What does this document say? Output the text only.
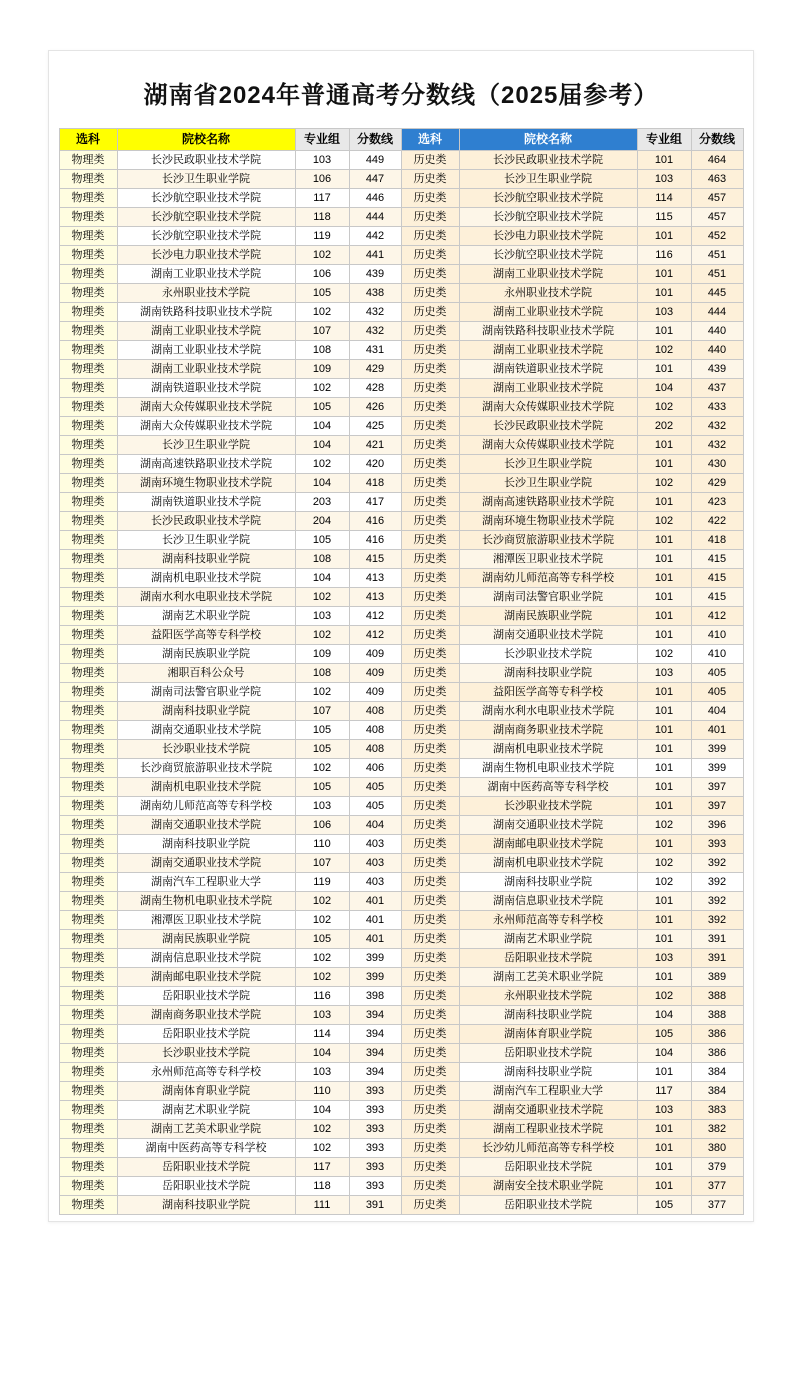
湖南省2024年普通高考分数线（2025届参考）
选科	院校名称	专业组	分数线	选科	院校名称	专业组	分数线
物理类	长沙民政职业技术学院	103	449	历史类	长沙民政职业技术学院	101	464
物理类	长沙卫生职业学院	106	447	历史类	长沙卫生职业学院	103	463
物理类	长沙航空职业技术学院	117	446	历史类	长沙航空职业技术学院	114	457
物理类	长沙航空职业技术学院	118	444	历史类	长沙航空职业技术学院	115	457
物理类	长沙航空职业技术学院	119	442	历史类	长沙电力职业技术学院	101	452
物理类	长沙电力职业技术学院	102	441	历史类	长沙航空职业技术学院	116	451
物理类	湖南工业职业技术学院	106	439	历史类	湖南工业职业技术学院	101	451
物理类	永州职业技术学院	105	438	历史类	永州职业技术学院	101	445
物理类	湖南铁路科技职业技术学院	102	432	历史类	湖南工业职业技术学院	103	444
物理类	湖南工业职业技术学院	107	432	历史类	湖南铁路科技职业技术学院	101	440
物理类	湖南工业职业技术学院	108	431	历史类	湖南工业职业技术学院	102	440
物理类	湖南工业职业技术学院	109	429	历史类	湖南铁道职业技术学院	101	439
物理类	湖南铁道职业技术学院	102	428	历史类	湖南工业职业技术学院	104	437
物理类	湖南大众传媒职业技术学院	105	426	历史类	湖南大众传媒职业技术学院	102	433
物理类	湖南大众传媒职业技术学院	104	425	历史类	长沙民政职业技术学院	202	432
物理类	长沙卫生职业学院	104	421	历史类	湖南大众传媒职业技术学院	101	432
物理类	湖南高速铁路职业技术学院	102	420	历史类	长沙卫生职业学院	101	430
物理类	湖南环境生物职业技术学院	104	418	历史类	长沙卫生职业学院	102	429
物理类	湖南铁道职业技术学院	203	417	历史类	湖南高速铁路职业技术学院	101	423
物理类	长沙民政职业技术学院	204	416	历史类	湖南环境生物职业技术学院	102	422
物理类	长沙卫生职业学院	105	416	历史类	长沙商贸旅游职业技术学院	101	418
物理类	湖南科技职业学院	108	415	历史类	湘潭医卫职业技术学院	101	415
物理类	湖南机电职业技术学院	104	413	历史类	湖南幼儿师范高等专科学校	101	415
物理类	湖南水利水电职业技术学院	102	413	历史类	湖南司法警官职业学院	101	415
物理类	湖南艺术职业学院	103	412	历史类	湖南民族职业学院	101	412
物理类	益阳医学高等专科学校	102	412	历史类	湖南交通职业技术学院	101	410
物理类	湖南民族职业学院	109	409	历史类	长沙职业技术学院	102	410
物理类	湘职百科公众号	108	409	历史类	湖南科技职业学院	103	405
物理类	湖南司法警官职业学院	102	409	历史类	益阳医学高等专科学校	101	405
物理类	湖南科技职业学院	107	408	历史类	湖南水利水电职业技术学院	101	404
物理类	湖南交通职业技术学院	105	408	历史类	湖南商务职业技术学院	101	401
物理类	长沙职业技术学院	105	408	历史类	湖南机电职业技术学院	101	399
物理类	长沙商贸旅游职业技术学院	102	406	历史类	湖南生物机电职业技术学院	101	399
物理类	湖南机电职业技术学院	105	405	历史类	湖南中医药高等专科学校	101	397
物理类	湖南幼儿师范高等专科学校	103	405	历史类	长沙职业技术学院	101	397
物理类	湖南交通职业技术学院	106	404	历史类	湖南交通职业技术学院	102	396
物理类	湖南科技职业学院	110	403	历史类	湖南邮电职业技术学院	101	393
物理类	湖南交通职业技术学院	107	403	历史类	湖南机电职业技术学院	102	392
物理类	湖南汽车工程职业大学	119	403	历史类	湖南科技职业学院	102	392
物理类	湖南生物机电职业技术学院	102	401	历史类	湖南信息职业技术学院	101	392
物理类	湘潭医卫职业技术学院	102	401	历史类	永州师范高等专科学校	101	392
物理类	湖南民族职业学院	105	401	历史类	湖南艺术职业学院	101	391
物理类	湖南信息职业技术学院	102	399	历史类	岳阳职业技术学院	103	391
物理类	湖南邮电职业技术学院	102	399	历史类	湖南工艺美术职业学院	101	389
物理类	岳阳职业技术学院	116	398	历史类	永州职业技术学院	102	388
物理类	湖南商务职业技术学院	103	394	历史类	湖南科技职业学院	104	388
物理类	岳阳职业技术学院	114	394	历史类	湖南体育职业学院	105	386
物理类	长沙职业技术学院	104	394	历史类	岳阳职业技术学院	104	386
物理类	永州师范高等专科学校	103	394	历史类	湖南科技职业学院	101	384
物理类	湖南体育职业学院	110	393	历史类	湖南汽车工程职业大学	117	384
物理类	湖南艺术职业学院	104	393	历史类	湖南交通职业技术学院	103	383
物理类	湖南工艺美术职业学院	102	393	历史类	湖南工程职业技术学院	101	382
物理类	湖南中医药高等专科学校	102	393	历史类	长沙幼儿师范高等专科学校	101	380
物理类	岳阳职业技术学院	117	393	历史类	岳阳职业技术学院	101	379
物理类	岳阳职业技术学院	118	393	历史类	湖南安全技术职业学院	101	377
物理类	湖南科技职业学院	111	391	历史类	岳阳职业技术学院	105	377
